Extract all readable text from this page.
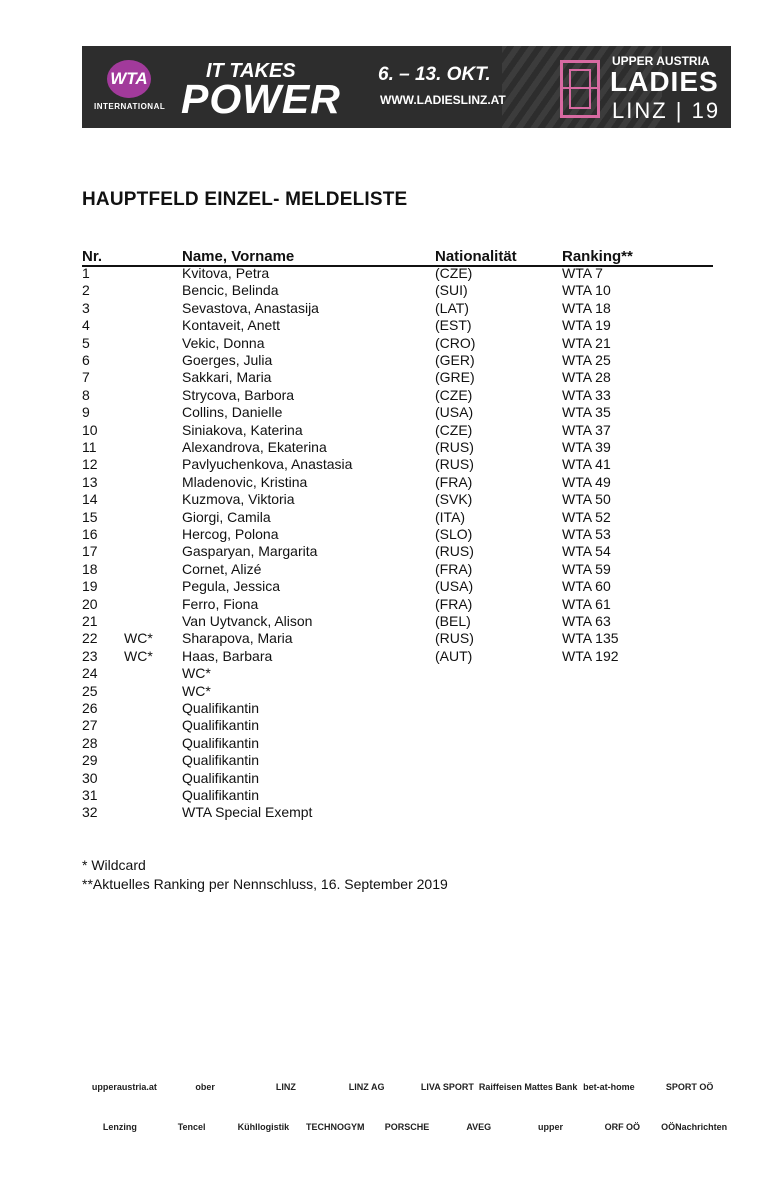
WTA
INTERNATIONAL
IT TAKES
POWER
6. – 13. OKT.
WWW.LADIESLINZ.AT
UPPER AUSTRIA
LADIES
LINZ | 19
HAUPTFELD EINZEL- MELDELISTE
Nr.	Name, Vorname	Nationalität	Ranking**
1	Kvitova, Petra	(CZE)	WTA 7
2	Bencic, Belinda	(SUI)	WTA 10
3	Sevastova, Anastasija	(LAT)	WTA 18
4	Kontaveit, Anett	(EST)	WTA 19
5	Vekic, Donna	(CRO)	WTA 21
6	Goerges, Julia	(GER)	WTA 25
7	Sakkari, Maria	(GRE)	WTA 28
8	Strycova, Barbora	(CZE)	WTA 33
9	Collins, Danielle	(USA)	WTA 35
10	Siniakova, Katerina	(CZE)	WTA 37
11	Alexandrova, Ekaterina	(RUS)	WTA 39
12	Pavlyuchenkova, Anastasia	(RUS)	WTA 41
13	Mladenovic, Kristina	(FRA)	WTA 49
14	Kuzmova, Viktoria	(SVK)	WTA 50
15	Giorgi, Camila	(ITA)	WTA 52
16	Hercog, Polona	(SLO)	WTA 53
17	Gasparyan, Margarita	(RUS)	WTA 54
18	Cornet, Alizé	(FRA)	WTA 59
19	Pegula, Jessica	(USA)	WTA 60
20	Ferro, Fiona	(FRA)	WTA 61
21	Van Uytvanck, Alison	(BEL)	WTA 63
22 WC* Sharapova, Maria	(RUS)	WTA 135
23 WC* Haas, Barbara	(AUT)	WTA 192
24	WC*
25	WC*
26	Qualifikantin
27	Qualifikantin
28	Qualifikantin
29	Qualifikantin
30	Qualifikantin
31	Qualifikantin
32	WTA Special Exempt
* Wildcard
**Aktuelles Ranking per Nennschluss, 16. September 2019
upperaustria.at	ober	LINZ	LINZ AG	LIVA SPORT Raiffeisen Mattes Bank bet-at-home	SPORT OÖ
Lenzing	Tencel	Kühllogistik	TECHNOGYM	PORSCHE	AVEG	upper	ORF OÖ	OÖNachrichten
